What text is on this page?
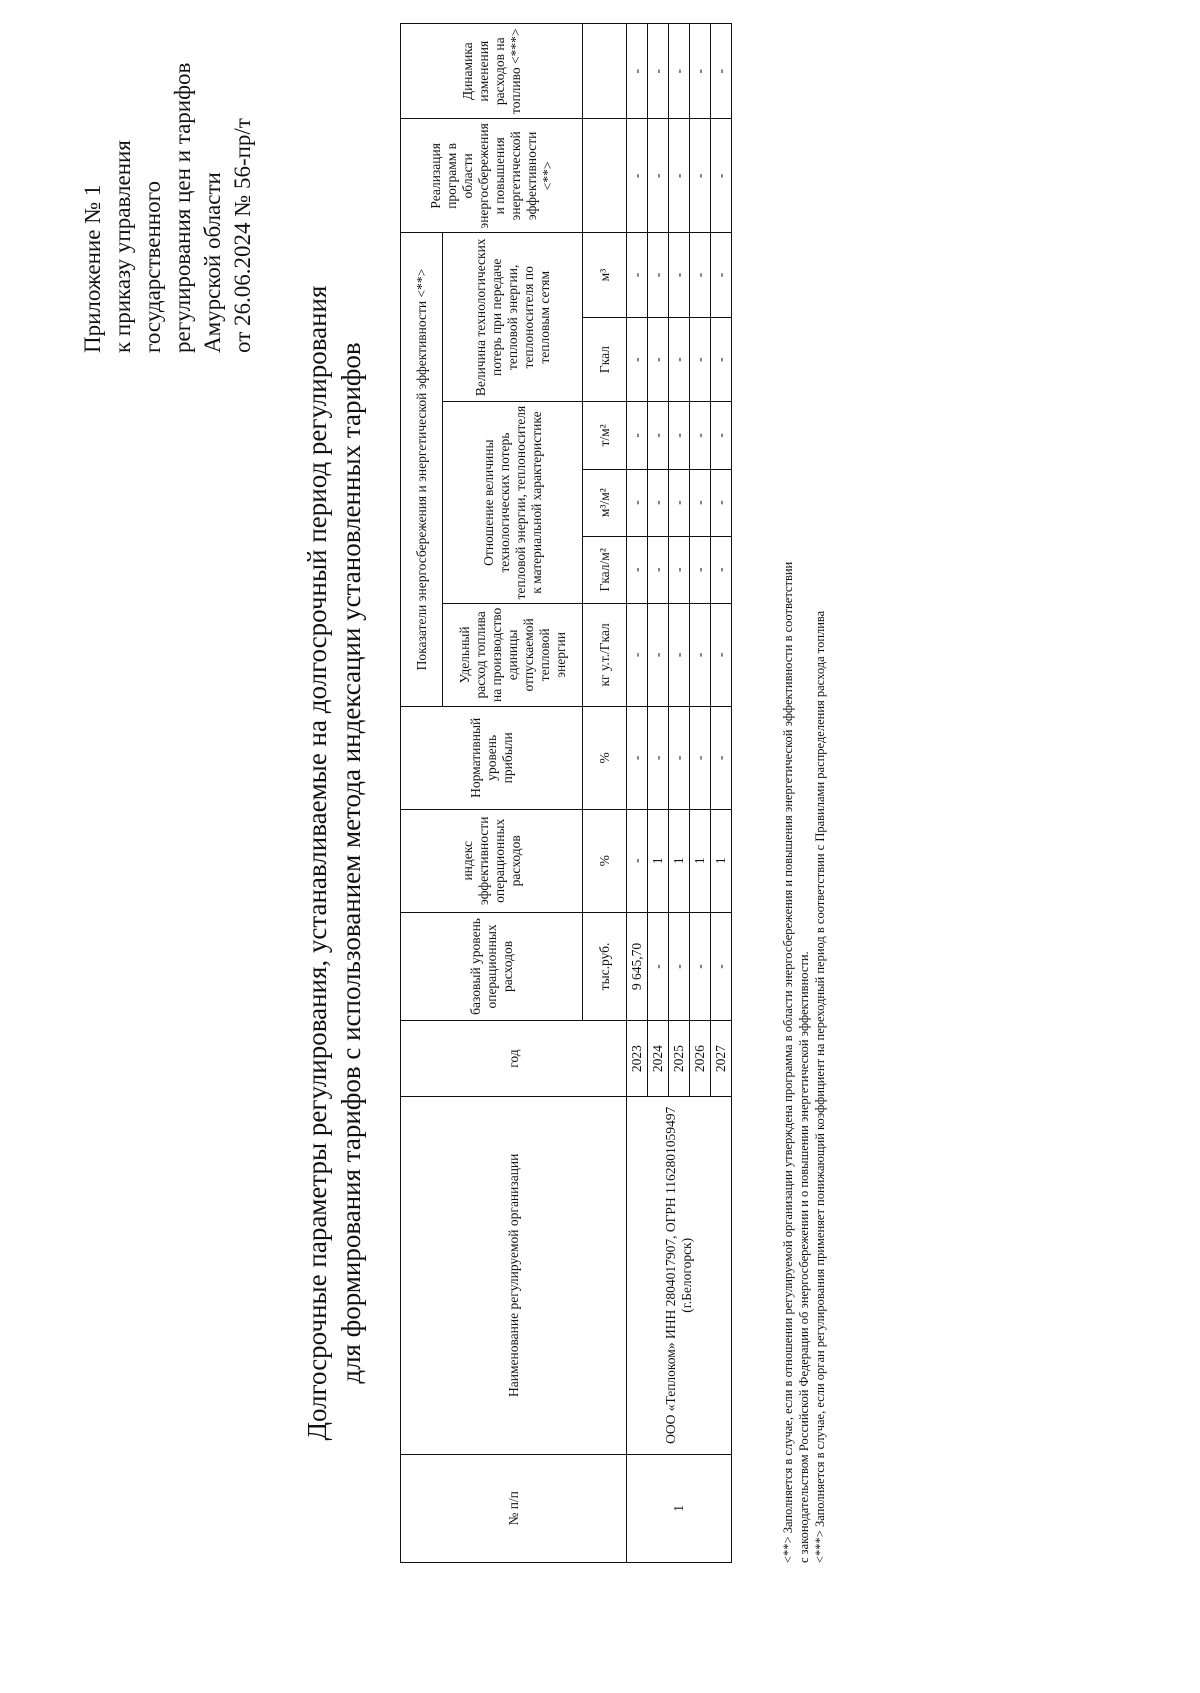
Приложение № 1 к приказу управления государственного регулирования цен и тарифов Амурской области от 26.06.2024 № 56-пр/т
Долгосрочные параметры регулирования, устанавливаемые на долгосрочный период регулирования для формирования тарифов с использованием метода индексации установленных тарифов
№ п/п	Наименование регулируемой организации	год	базовый уровень операционных расходов	индекс эффективности операционных расходов	Нормативный уровень прибыли	Показатели энергосбережения и энергетической эффективности <**>						Реализация программ в области энергосбережения и повышения энергетической эффективности <**>	Динамика изменения расходов на топливо <***>
						Удельный расход топлива на производство единицы отпускаемой тепловой энергии	Отношение величины технологических потерь тепловой энергии, теплоносителя к материальной характеристике			Величина технологических потерь при передаче тепловой энергии, теплоносителя по тепловым сетям			
			тыс.руб.	%	%	кг у.т./Гкал	Гкал/м²	м³/м²	т/м²	Гкал	м³		
1	ООО «Теплоком» ИНН 2804017907, ОГРН 1162801059497 (г.Белогорск)	2023	9 645,70	-	-	-	-	-	-	-	-	-	-
		2024	-	1	-	-	-	-	-	-	-	-	-
		2025	-	1	-	-	-	-	-	-	-	-	-
		2026	-	1	-	-	-	-	-	-	-	-	-
		2027	-	1	-	-	-	-	-	-	-	-	-
<**> Заполняется в случае, если в отношении регулируемой организации утверждена программа в области энергосбережения и повышения энергетической эффективности в соответствии с законодательством Российской Федерации об энергосбережении и о повышении энергетической эффективности. <***> Заполняется в случае, если орган регулирования применяет понижающий коэффициент на переходный период в соответствии с Правилами распределения расхода топлива
